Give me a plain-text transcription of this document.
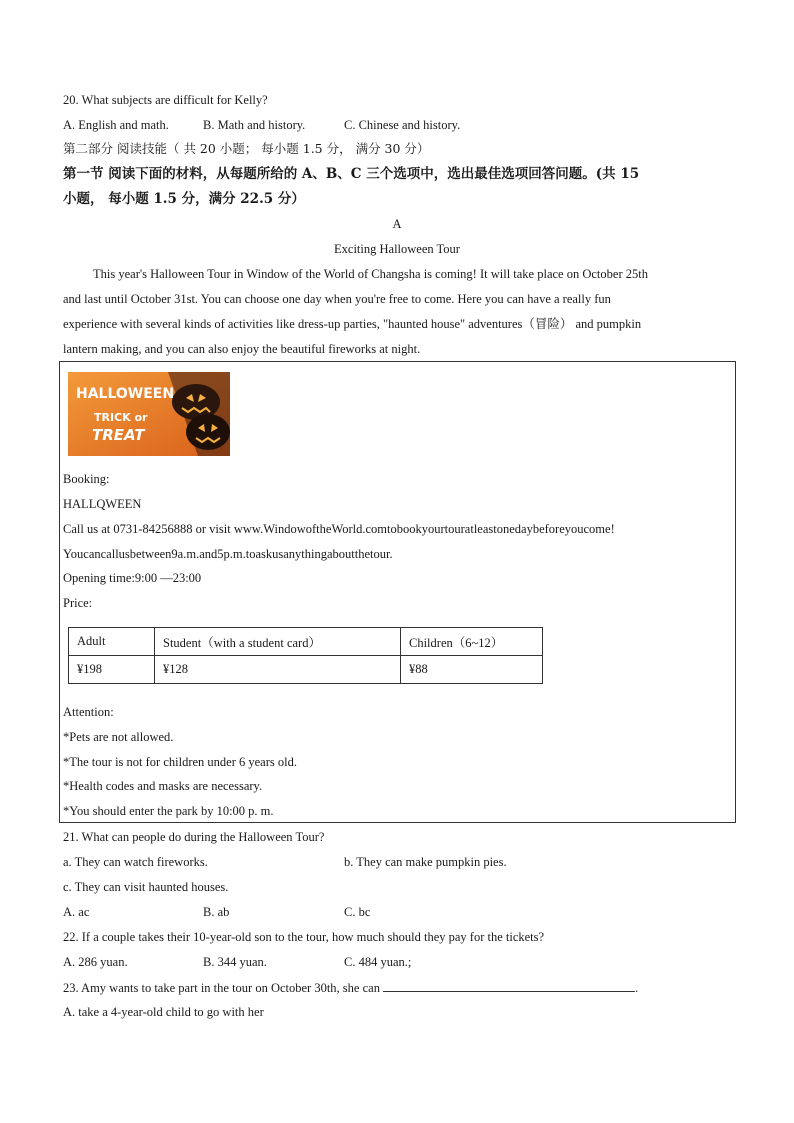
20. What subjects are difficult for Kelly?
A. English and math.	B. Math and history.	C. Chinese and history.
第二部分 阅读技能（ 共 20 小题； 每小题 1.5 分， 满分 30 分）
第一节 阅读下面的材料，从每题所给的 A、B、C 三个选项中，选出最佳选项回答问题。(共 15
小题， 每小题 1.5 分，满分 22.5 分）
A
Exciting Halloween Tour
This year's Halloween Tour in Window of the World of Changsha is coming! It will take place on October 25th
and last until October 31st. You can choose one day when you're free to come. Here you can have a really fun
experience with several kinds of activities like dress-up parties, "haunted house" adventures（冒险） and pumpkin
lantern making, and you can also enjoy the beautiful fireworks at night.
HALLOWEEN
TRICK or
TREAT
Booking:
HALLQWEEN
Call us at 0731-84256888 or visit www.WindowoftheWorld.comtobookyourtouratleastonedaybeforeyoucome!
Youcancallusbetween9a.m.and5p.m.toaskusanythingaboutthetour.
Opening time:9:00 —23:00
Price:
Adult	Student（with a student card）	Children（6~12）
¥198	¥128	¥88
Attention:
*Pets are not allowed.
*The tour is not for children under 6 years old.
*Health codes and masks are necessary.
*You should enter the park by 10:00 p. m.
21. What can people do during the Halloween Tour?
a. They can watch fireworks.	b. They can make pumpkin pies.
c. They can visit haunted houses.
A. ac	B. ab	C. bc
22. If a couple takes their 10-year-old son to the tour, how much should they pay for the tickets?
A. 286 yuan.	B. 344 yuan.	C. 484 yuan.;
23. Amy wants to take part in the tour on October 30th, she can	.
A. take a 4-year-old child to go with her
